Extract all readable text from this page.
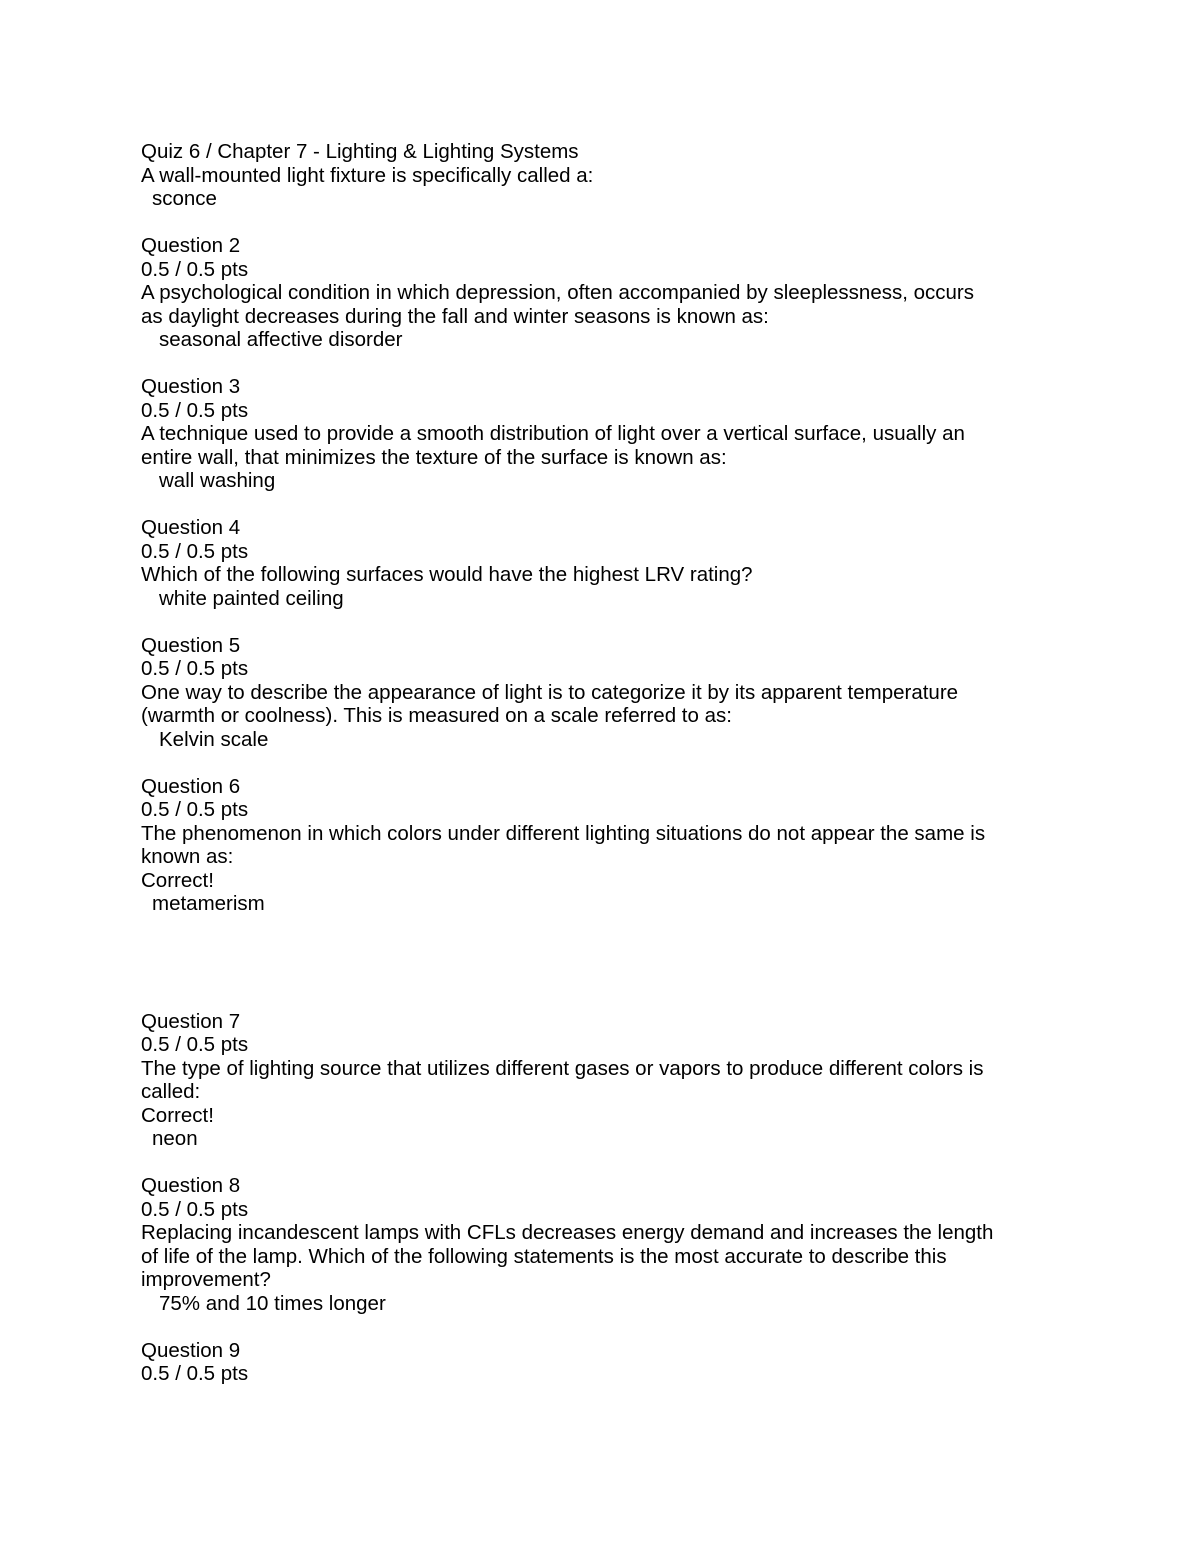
Quiz 6 / Chapter 7 - Lighting & Lighting Systems
A wall-mounted light fixture is specifically called a:
sconce
Question 2
0.5 / 0.5 pts
A psychological condition in which depression, often accompanied by sleeplessness, occurs
as daylight decreases during the fall and winter seasons is known as:
seasonal affective disorder
Question 3
0.5 / 0.5 pts
A technique used to provide a smooth distribution of light over a vertical surface, usually an
entire wall, that minimizes the texture of the surface is known as:
wall washing
Question 4
0.5 / 0.5 pts
Which of the following surfaces would have the highest LRV rating?
white painted ceiling
Question 5
0.5 / 0.5 pts
One way to describe the appearance of light is to categorize it by its apparent temperature
(warmth or coolness). This is measured on a scale referred to as:
Kelvin scale
Question 6
0.5 / 0.5 pts
The phenomenon in which colors under different lighting situations do not appear the same is
known as:
Correct!
metamerism
Question 7
0.5 / 0.5 pts
The type of lighting source that utilizes different gases or vapors to produce different colors is
called:
Correct!
neon
Question 8
0.5 / 0.5 pts
Replacing incandescent lamps with CFLs decreases energy demand and increases the length
of life of the lamp. Which of the following statements is the most accurate to describe this
improvement?
75% and 10 times longer
Question 9
0.5 / 0.5 pts
